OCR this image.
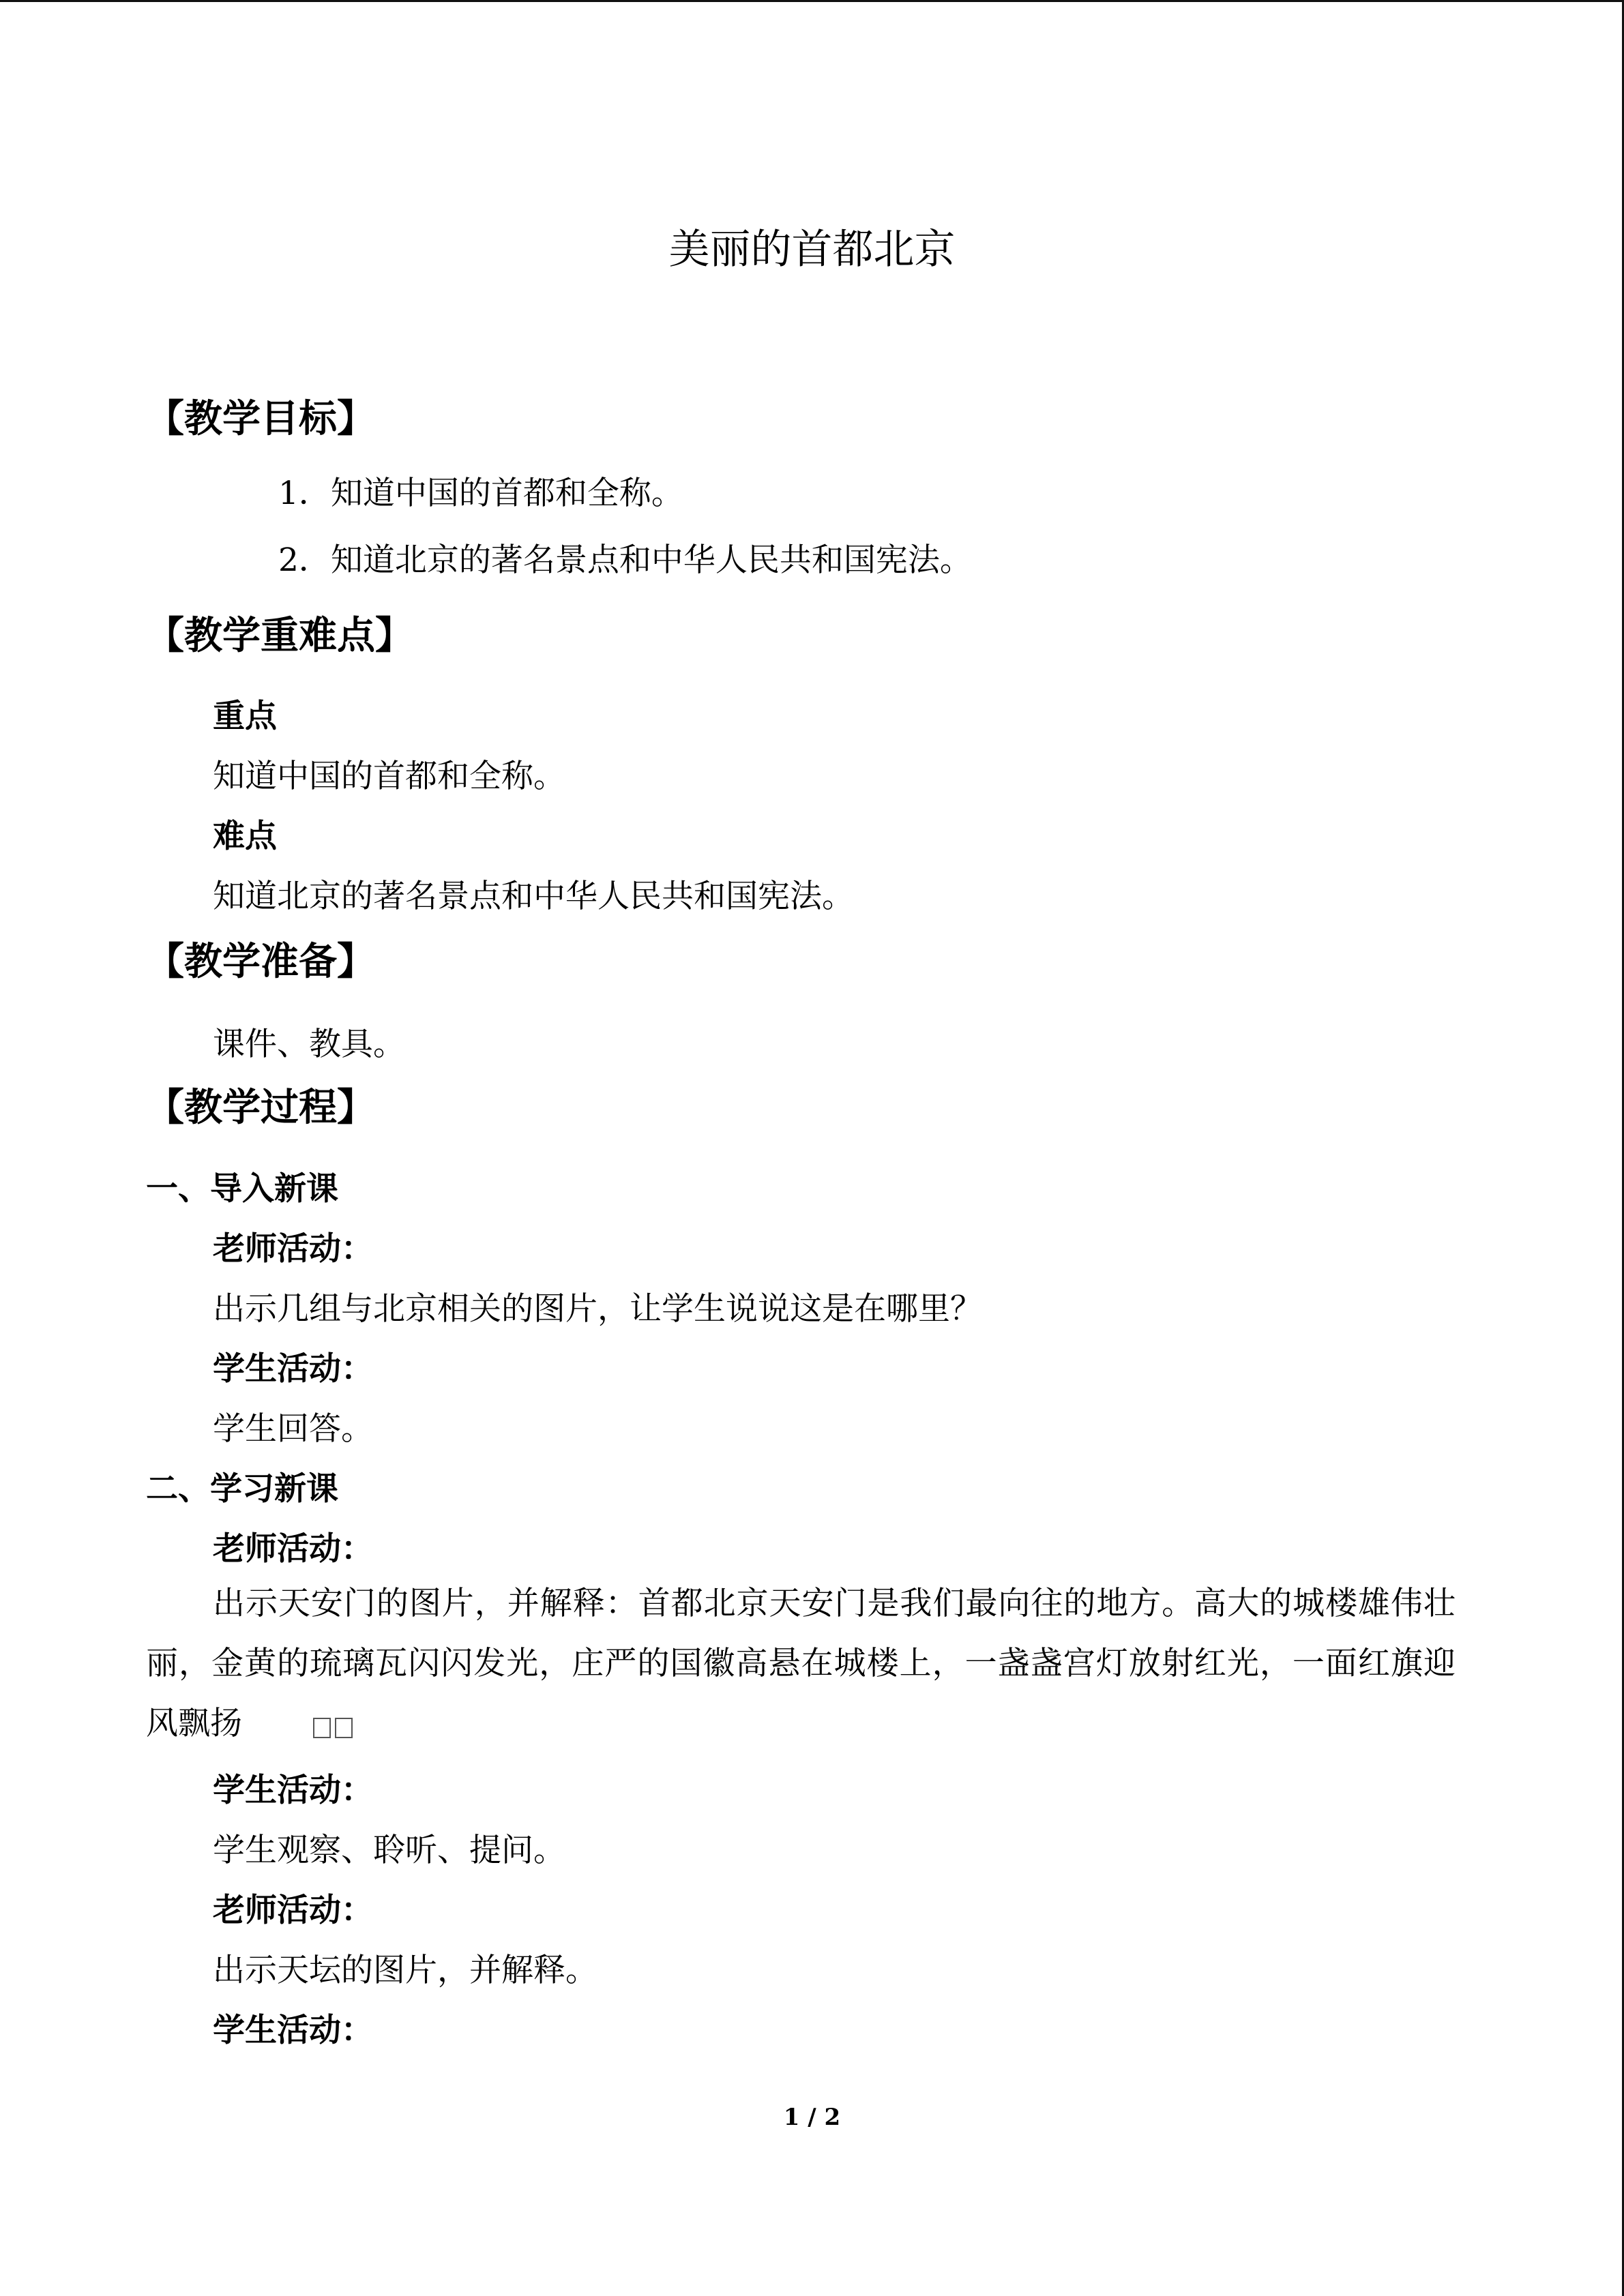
美丽的首都北京
【教学目标】
1．知道中国的首都和全称。
2．知道北京的著名景点和中华人民共和国宪法。
【教学重难点】
重点
知道中国的首都和全称。
难点
知道北京的著名景点和中华人民共和国宪法。
【教学准备】
课件、教具。
【教学过程】
一、导入新课
老师活动：
出示几组与北京相关的图片，让学生说说这是在哪里？
学生活动：
学生回答。
二、学习新课
老师活动：
出示天安门的图片，并解释：首都北京天安门是我们最向往的地方。高大的城楼雄伟壮丽，金黄的琉璃瓦闪闪发光，庄严的国徽高悬在城楼上，一盏盏宫灯放射红光，一面红旗迎风飘扬
学生活动：
学生观察、聆听、提问。
老师活动：
出示天坛的图片，并解释。
学生活动：
1 / 2
